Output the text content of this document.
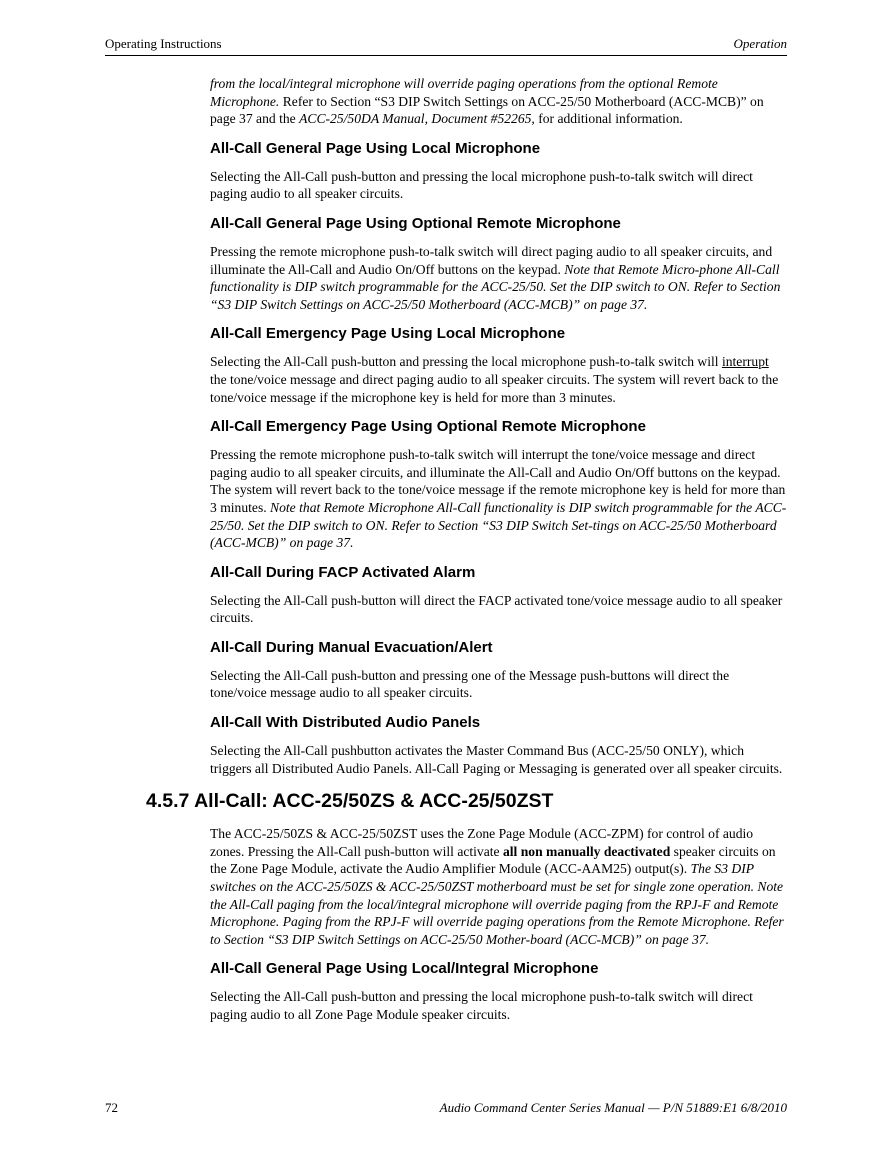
Operating Instructions	Operation

from the local/integral microphone will override paging operations from the optional Remote Microphone. Refer to Section “S3 DIP Switch Settings on ACC-25/50 Motherboard (ACC-MCB)” on page 37 and the ACC-25/50DA Manual, Document #52265, for additional information.

All-Call General Page Using Local Microphone

Selecting the All-Call push-button and pressing the local microphone push-to-talk switch will direct paging audio to all speaker circuits.

All-Call General Page Using Optional Remote Microphone

Pressing the remote microphone push-to-talk switch will direct paging audio to all speaker circuits, and illuminate the All-Call and Audio On/Off buttons on the keypad. Note that Remote Micro-phone All-Call functionality is DIP switch programmable for the ACC-25/50. Set the DIP switch to ON. Refer to Section “S3 DIP Switch Settings on ACC-25/50 Motherboard (ACC-MCB)” on page 37.

All-Call Emergency Page Using Local Microphone

Selecting the All-Call push-button and pressing the local microphone push-to-talk switch will interrupt the tone/voice message and direct paging audio to all speaker circuits. The system will revert back to the tone/voice message if the microphone key is held for more than 3 minutes.

All-Call Emergency Page Using Optional Remote Microphone

Pressing the remote microphone push-to-talk switch will interrupt the tone/voice message and direct paging audio to all speaker circuits, and illuminate the All-Call and Audio On/Off buttons on the keypad. The system will revert back to the tone/voice message if the remote microphone key is held for more than 3 minutes. Note that Remote Microphone All-Call functionality is DIP switch programmable for the ACC-25/50. Set the DIP switch to ON. Refer to Section “S3 DIP Switch Set-tings on ACC-25/50 Motherboard (ACC-MCB)” on page 37.

All-Call During FACP Activated Alarm

Selecting the All-Call push-button will direct the FACP activated tone/voice message audio to all speaker circuits.

All-Call During Manual Evacuation/Alert

Selecting the All-Call push-button and pressing one of the Message push-buttons will direct the tone/voice message audio to all speaker circuits.

All-Call With Distributed Audio Panels

Selecting the All-Call pushbutton activates the Master Command Bus (ACC-25/50 ONLY), which triggers all Distributed Audio Panels. All-Call Paging or Messaging is generated over all speaker circuits.

4.5.7 All-Call: ACC-25/50ZS & ACC-25/50ZST

The ACC-25/50ZS & ACC-25/50ZST uses the Zone Page Module (ACC-ZPM) for control of audio zones. Pressing the All-Call push-button will activate all non manually deactivated speaker circuits on the Zone Page Module, activate the Audio Amplifier Module (ACC-AAM25) output(s). The S3 DIP switches on the ACC-25/50ZS & ACC-25/50ZST motherboard must be set for single zone operation. Note the All-Call paging from the local/integral microphone will override paging from the RPJ-F and Remote Microphone. Paging from the RPJ-F will override paging operations from the Remote Microphone. Refer to Section “S3 DIP Switch Settings on ACC-25/50 Mother-board (ACC-MCB)” on page 37.

All-Call General Page Using Local/Integral Microphone

Selecting the All-Call push-button and pressing the local microphone push-to-talk switch will direct paging audio to all Zone Page Module speaker circuits.

72	Audio Command Center Series Manual — P/N 51889:E1 6/8/2010
